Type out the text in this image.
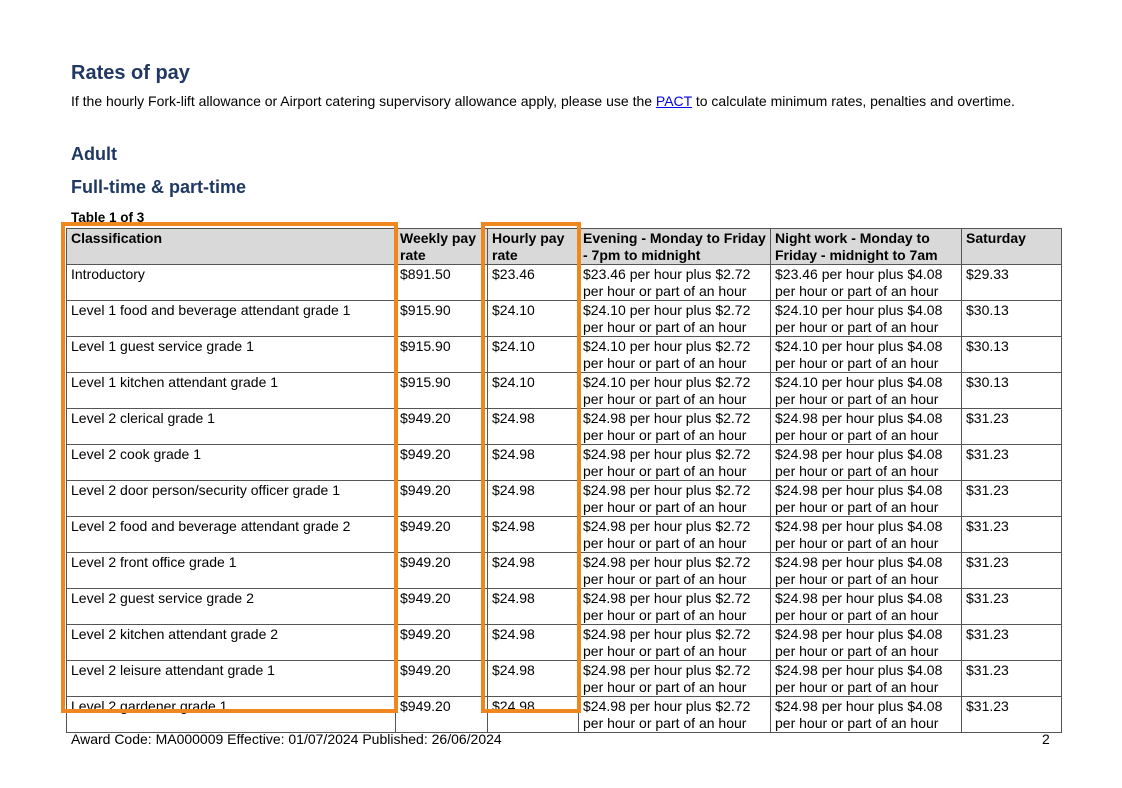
Rates of pay

If the hourly Fork-lift allowance or Airport catering supervisory allowance apply, please use the PACT to calculate minimum rates, penalties and overtime.

Adult
Full-time & part-time

Table 1 of 3

Classification	Weekly pay rate	Hourly pay rate	Evening - Monday to Friday - 7pm to midnight	Night work - Monday to Friday - midnight to 7am	Saturday
Introductory	$891.50	$23.46	$23.46 per hour plus $2.72 per hour or part of an hour	$23.46 per hour plus $4.08 per hour or part of an hour	$29.33
Level 1 food and beverage attendant grade 1	$915.90	$24.10	$24.10 per hour plus $2.72 per hour or part of an hour	$24.10 per hour plus $4.08 per hour or part of an hour	$30.13
Level 1 guest service grade 1	$915.90	$24.10	$24.10 per hour plus $2.72 per hour or part of an hour	$24.10 per hour plus $4.08 per hour or part of an hour	$30.13
Level 1 kitchen attendant grade 1	$915.90	$24.10	$24.10 per hour plus $2.72 per hour or part of an hour	$24.10 per hour plus $4.08 per hour or part of an hour	$30.13
Level 2 clerical grade 1	$949.20	$24.98	$24.98 per hour plus $2.72 per hour or part of an hour	$24.98 per hour plus $4.08 per hour or part of an hour	$31.23
Level 2 cook grade 1	$949.20	$24.98	$24.98 per hour plus $2.72 per hour or part of an hour	$24.98 per hour plus $4.08 per hour or part of an hour	$31.23
Level 2 door person/security officer grade 1	$949.20	$24.98	$24.98 per hour plus $2.72 per hour or part of an hour	$24.98 per hour plus $4.08 per hour or part of an hour	$31.23
Level 2 food and beverage attendant grade 2	$949.20	$24.98	$24.98 per hour plus $2.72 per hour or part of an hour	$24.98 per hour plus $4.08 per hour or part of an hour	$31.23
Level 2 front office grade 1	$949.20	$24.98	$24.98 per hour plus $2.72 per hour or part of an hour	$24.98 per hour plus $4.08 per hour or part of an hour	$31.23
Level 2 guest service grade 2	$949.20	$24.98	$24.98 per hour plus $2.72 per hour or part of an hour	$24.98 per hour plus $4.08 per hour or part of an hour	$31.23
Level 2 kitchen attendant grade 2	$949.20	$24.98	$24.98 per hour plus $2.72 per hour or part of an hour	$24.98 per hour plus $4.08 per hour or part of an hour	$31.23
Level 2 leisure attendant grade 1	$949.20	$24.98	$24.98 per hour plus $2.72 per hour or part of an hour	$24.98 per hour plus $4.08 per hour or part of an hour	$31.23
Level 2 gardener grade 1	$949.20	$24.98	$24.98 per hour plus $2.72 per hour or part of an hour	$24.98 per hour plus $4.08 per hour or part of an hour	$31.23
Award Code: MA000009 Effective: 01/07/2024 Published: 26/06/2024	2
